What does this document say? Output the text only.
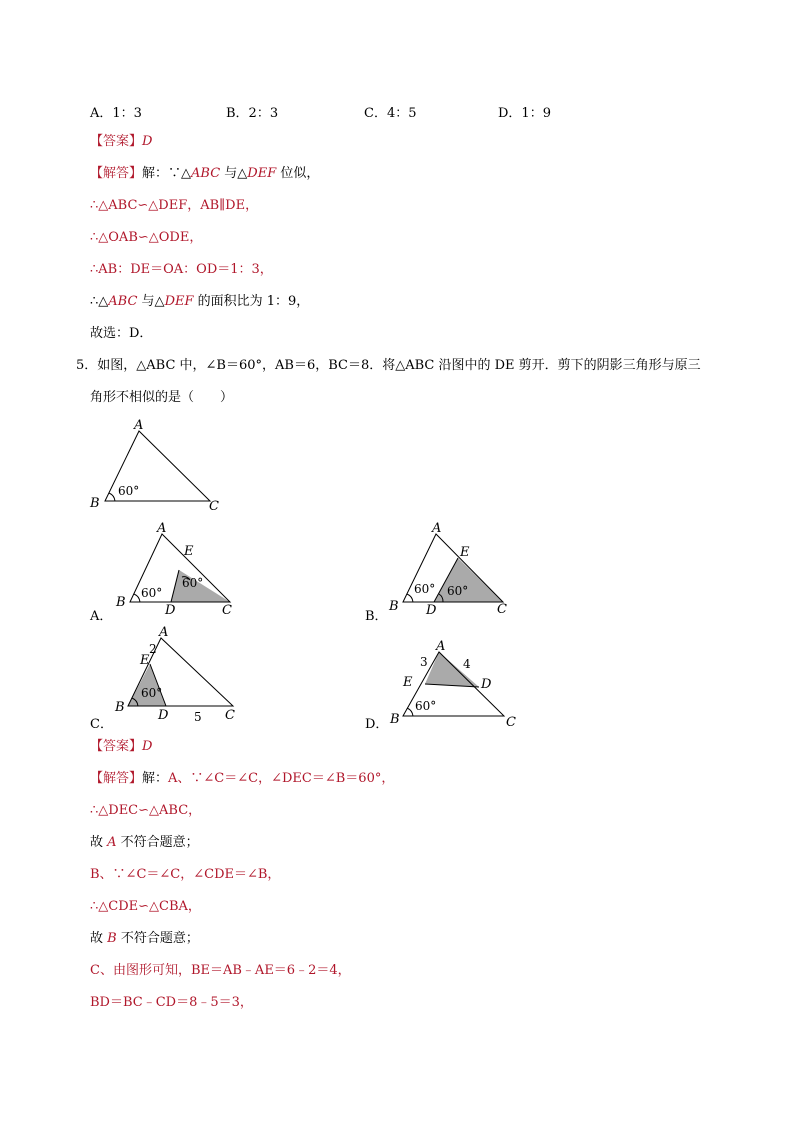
A．1：3	B．2：3	C．4：5	D．1：9
【答案】D
【解答】解：∵△ABC 与△DEF 位似，
∴△ABC∽△DEF，AB∥DE，
∴△OAB∽△ODE，
∴AB：DE＝OA：OD＝1：3，
∴△ABC 与△DEF 的面积比为 1：9，
故选：D．
5．如图，△ABC 中，∠B＝60°，AB＝6，BC＝8．将△ABC 沿图中的 DE 剪开．剪下的阴影三角形与原三
角形不相似的是（　　）
A
B	C
60°
A．
A
B
C
D
E
60°
60°
B．
A
B	C
D
E
60° 60°
C．
A
B
C
D
E
2
5
60°
D．
A
B	C
D
E
3	4
60°
【答案】D
【解答】解：A、∵∠C＝∠C，∠DEC＝∠B＝60°，
∴△DEC∽△ABC，
故 A 不符合题意；
B、∵∠C＝∠C，∠CDE＝∠B，
∴△CDE∽△CBA，
故 B 不符合题意；
C、由图形可知，BE＝AB﹣AE＝6﹣2＝4，
BD＝BC﹣CD＝8﹣5＝3，
